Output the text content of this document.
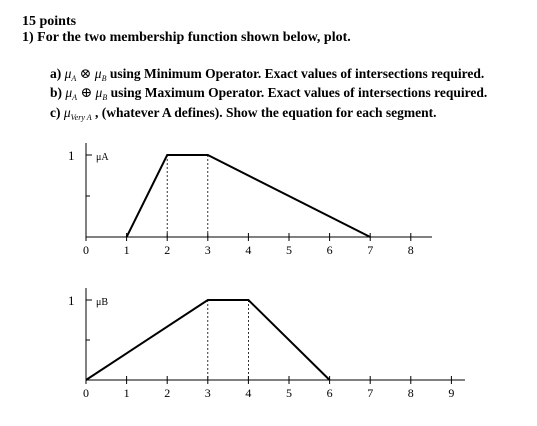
15 points
1) For the two membership function shown below, plot.
a) $\mu_A$ ⊗ $\mu_B$ using Minimum Operator. Exact values of intersections required.
b) $\mu_A$ ⊕ $\mu_B$ using Maximum Operator. Exact values of intersections required.
c) $\mu_{Very A}$ , (whatever A defines). Show the equation for each segment.
1 μA
0	1	2	3	4	5	6	7	8
1 μB
0	1	2	3	4	5	6	7	8	9
